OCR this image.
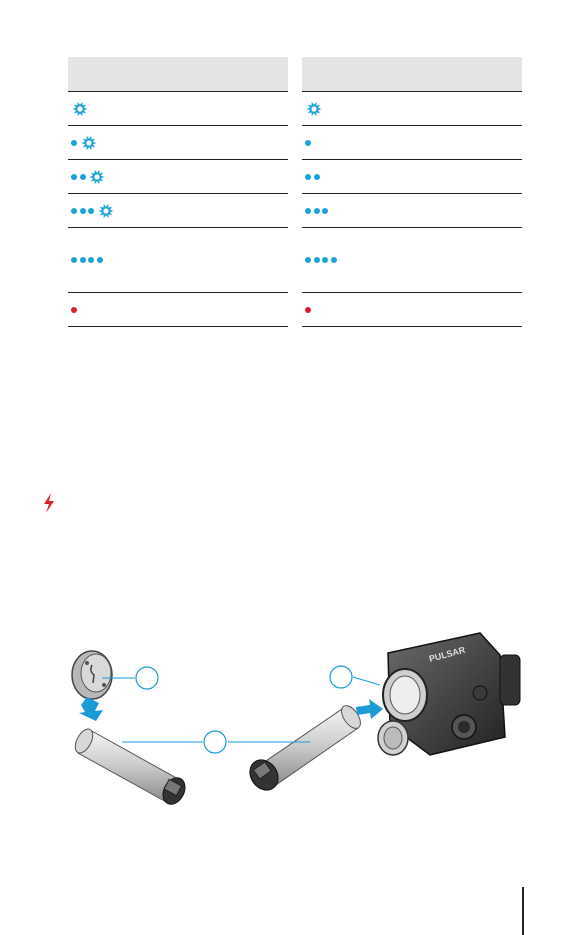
PULSAR
